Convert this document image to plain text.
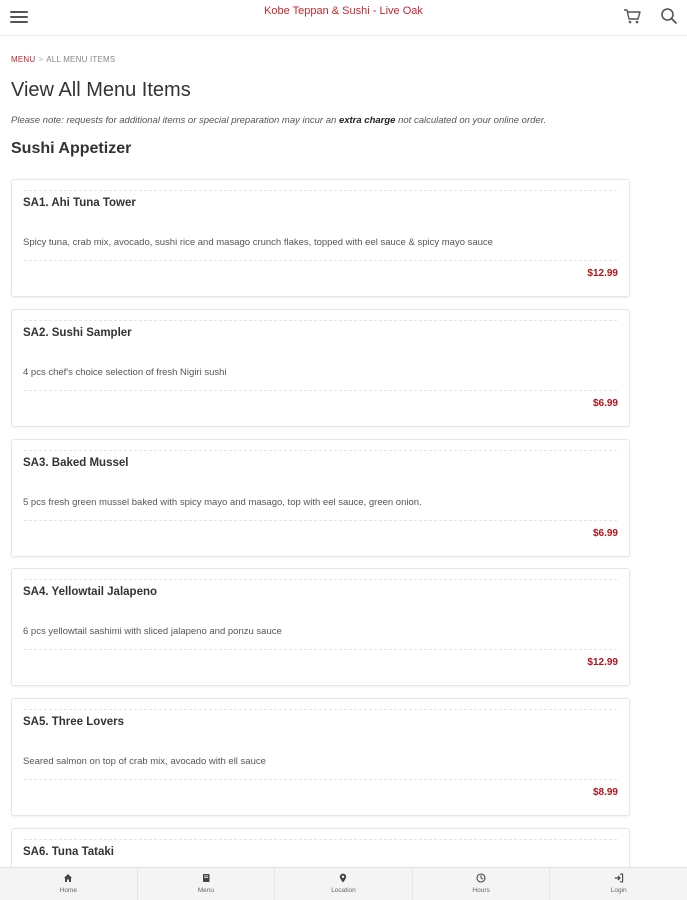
Kobe Teppan & Sushi - Live Oak
MENU > ALL MENU ITEMS
View All Menu Items
Please note: requests for additional items or special preparation may incur an extra charge not calculated on your online order.
Sushi Appetizer
SA1. Ahi Tuna Tower
Spicy tuna, crab mix, avocado, sushi rice and masago crunch flakes, topped with eel sauce & spicy mayo sauce
$12.99
SA2. Sushi Sampler
4 pcs chef's choice selection of fresh Nigiri sushi
$6.99
SA3. Baked Mussel
5 pcs fresh green mussel baked with spicy mayo and masago, top with eel sauce, green onion.
$6.99
SA4. Yellowtail Jalapeno
6 pcs yellowtail sashimi with sliced jalapeno and ponzu sauce
$12.99
SA5. Three Lovers
Seared salmon on top of crab mix, avocado with ell sauce
$8.99
SA6. Tuna Tataki
Home	Menu	Location	Hours	Login
